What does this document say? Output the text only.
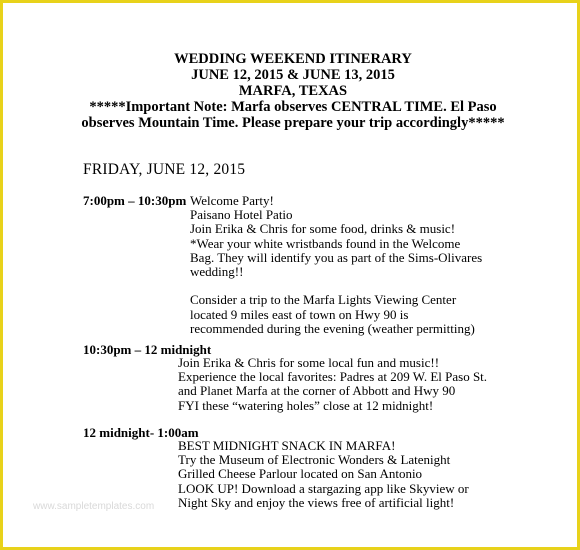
WEDDING WEEKEND ITINERARY
JUNE 12, 2015 & JUNE 13, 2015
MARFA, TEXAS
*****Important Note: Marfa observes CENTRAL TIME. El Paso observes Mountain Time. Please prepare your trip accordingly*****
FRIDAY, JUNE 12, 2015
7:00pm – 10:30pm Welcome Party!
Paisano Hotel Patio
Join Erika & Chris for some food, drinks & music!
*Wear your white wristbands found in the Welcome
Bag. They will identify you as part of the Sims-Olivares
wedding!!
Consider a trip to the Marfa Lights Viewing Center
located 9 miles east of town on Hwy 90 is
recommended during the evening (weather permitting)
10:30pm – 12 midnight
Join Erika & Chris for some local fun and music!!
Experience the local favorites: Padres at 209 W. El Paso St.
and Planet Marfa at the corner of Abbott and Hwy 90
FYI these “watering holes” close at 12 midnight!
12 midnight- 1:00am
BEST MIDNIGHT SNACK IN MARFA!
Try the Museum of Electronic Wonders & Latenight
Grilled Cheese Parlour located on San Antonio
LOOK UP! Download a stargazing app like Skyview or
Night Sky and enjoy the views free of artificial light!
www.sampletemplates.com
